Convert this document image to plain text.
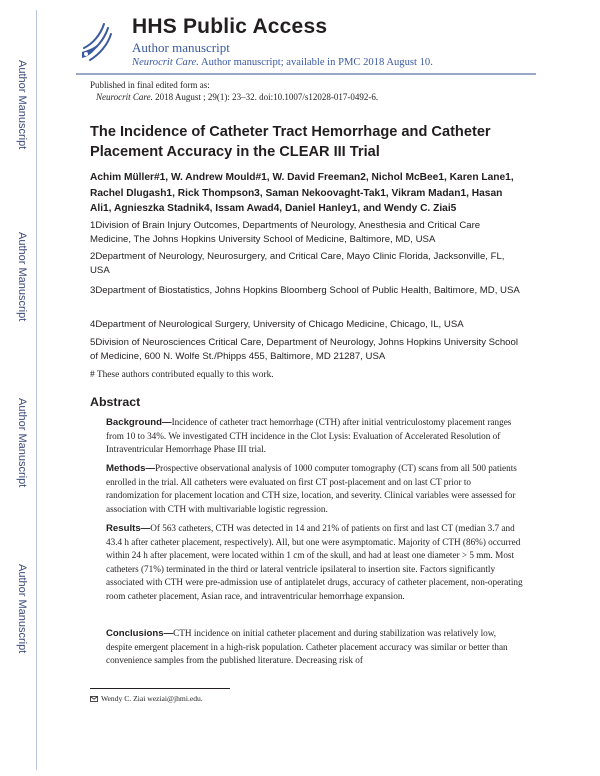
Author Manuscript
Author Manuscript
Author Manuscript
Author Manuscript
HHS Public Access
Author manuscript
Neurocrit Care. Author manuscript; available in PMC 2018 August 10.
Published in final edited form as:
Neurocrit Care. 2018 August ; 29(1): 23–32. doi:10.1007/s12028-017-0492-6.
The Incidence of Catheter Tract Hemorrhage and Catheter Placement Accuracy in the CLEAR III Trial
Achim Müller#1, W. Andrew Mould#1, W. David Freeman2, Nichol McBee1, Karen Lane1, Rachel Dlugash1, Rick Thompson3, Saman Nekoovaght-Tak1, Vikram Madan1, Hasan Ali1, Agnieszka Stadnik4, Issam Awad4, Daniel Hanley1, and Wendy C. Ziai5
1Division of Brain Injury Outcomes, Departments of Neurology, Anesthesia and Critical Care Medicine, The Johns Hopkins University School of Medicine, Baltimore, MD, USA
2Department of Neurology, Neurosurgery, and Critical Care, Mayo Clinic Florida, Jacksonville, FL, USA
3Department of Biostatistics, Johns Hopkins Bloomberg School of Public Health, Baltimore, MD, USA
4Department of Neurological Surgery, University of Chicago Medicine, Chicago, IL, USA
5Division of Neurosciences Critical Care, Department of Neurology, Johns Hopkins University School of Medicine, 600 N. Wolfe St./Phipps 455, Baltimore, MD 21287, USA
# These authors contributed equally to this work.
Abstract
Background—Incidence of catheter tract hemorrhage (CTH) after initial ventriculostomy placement ranges from 10 to 34%. We investigated CTH incidence in the Clot Lysis: Evaluation of Accelerated Resolution of Intraventricular Hemorrhage Phase III trial.
Methods—Prospective observational analysis of 1000 computer tomography (CT) scans from all 500 patients enrolled in the trial. All catheters were evaluated on first CT post-placement and on last CT prior to randomization for placement location and CTH size, location, and severity. Clinical variables were assessed for association with CTH with multivariable logistic regression.
Results—Of 563 catheters, CTH was detected in 14 and 21% of patients on first and last CT (median 3.7 and 43.4 h after catheter placement, respectively). All, but one were asymptomatic. Majority of CTH (86%) occurred within 24 h after placement, were located within 1 cm of the skull, and had at least one diameter > 5 mm. Most catheters (71%) terminated in the third or lateral ventricle ipsilateral to insertion site. Factors significantly associated with CTH were pre-admission use of antiplatelet drugs, accuracy of catheter placement, non-operating room catheter placement, Asian race, and intraventricular hemorrhage expansion.
Conclusions—CTH incidence on initial catheter placement and during stabilization was relatively low, despite emergent placement in a high-risk population. Catheter placement accuracy was similar or better than convenience samples from the published literature. Decreasing risk of
Wendy C. Ziai weziai@jhmi.edu.
